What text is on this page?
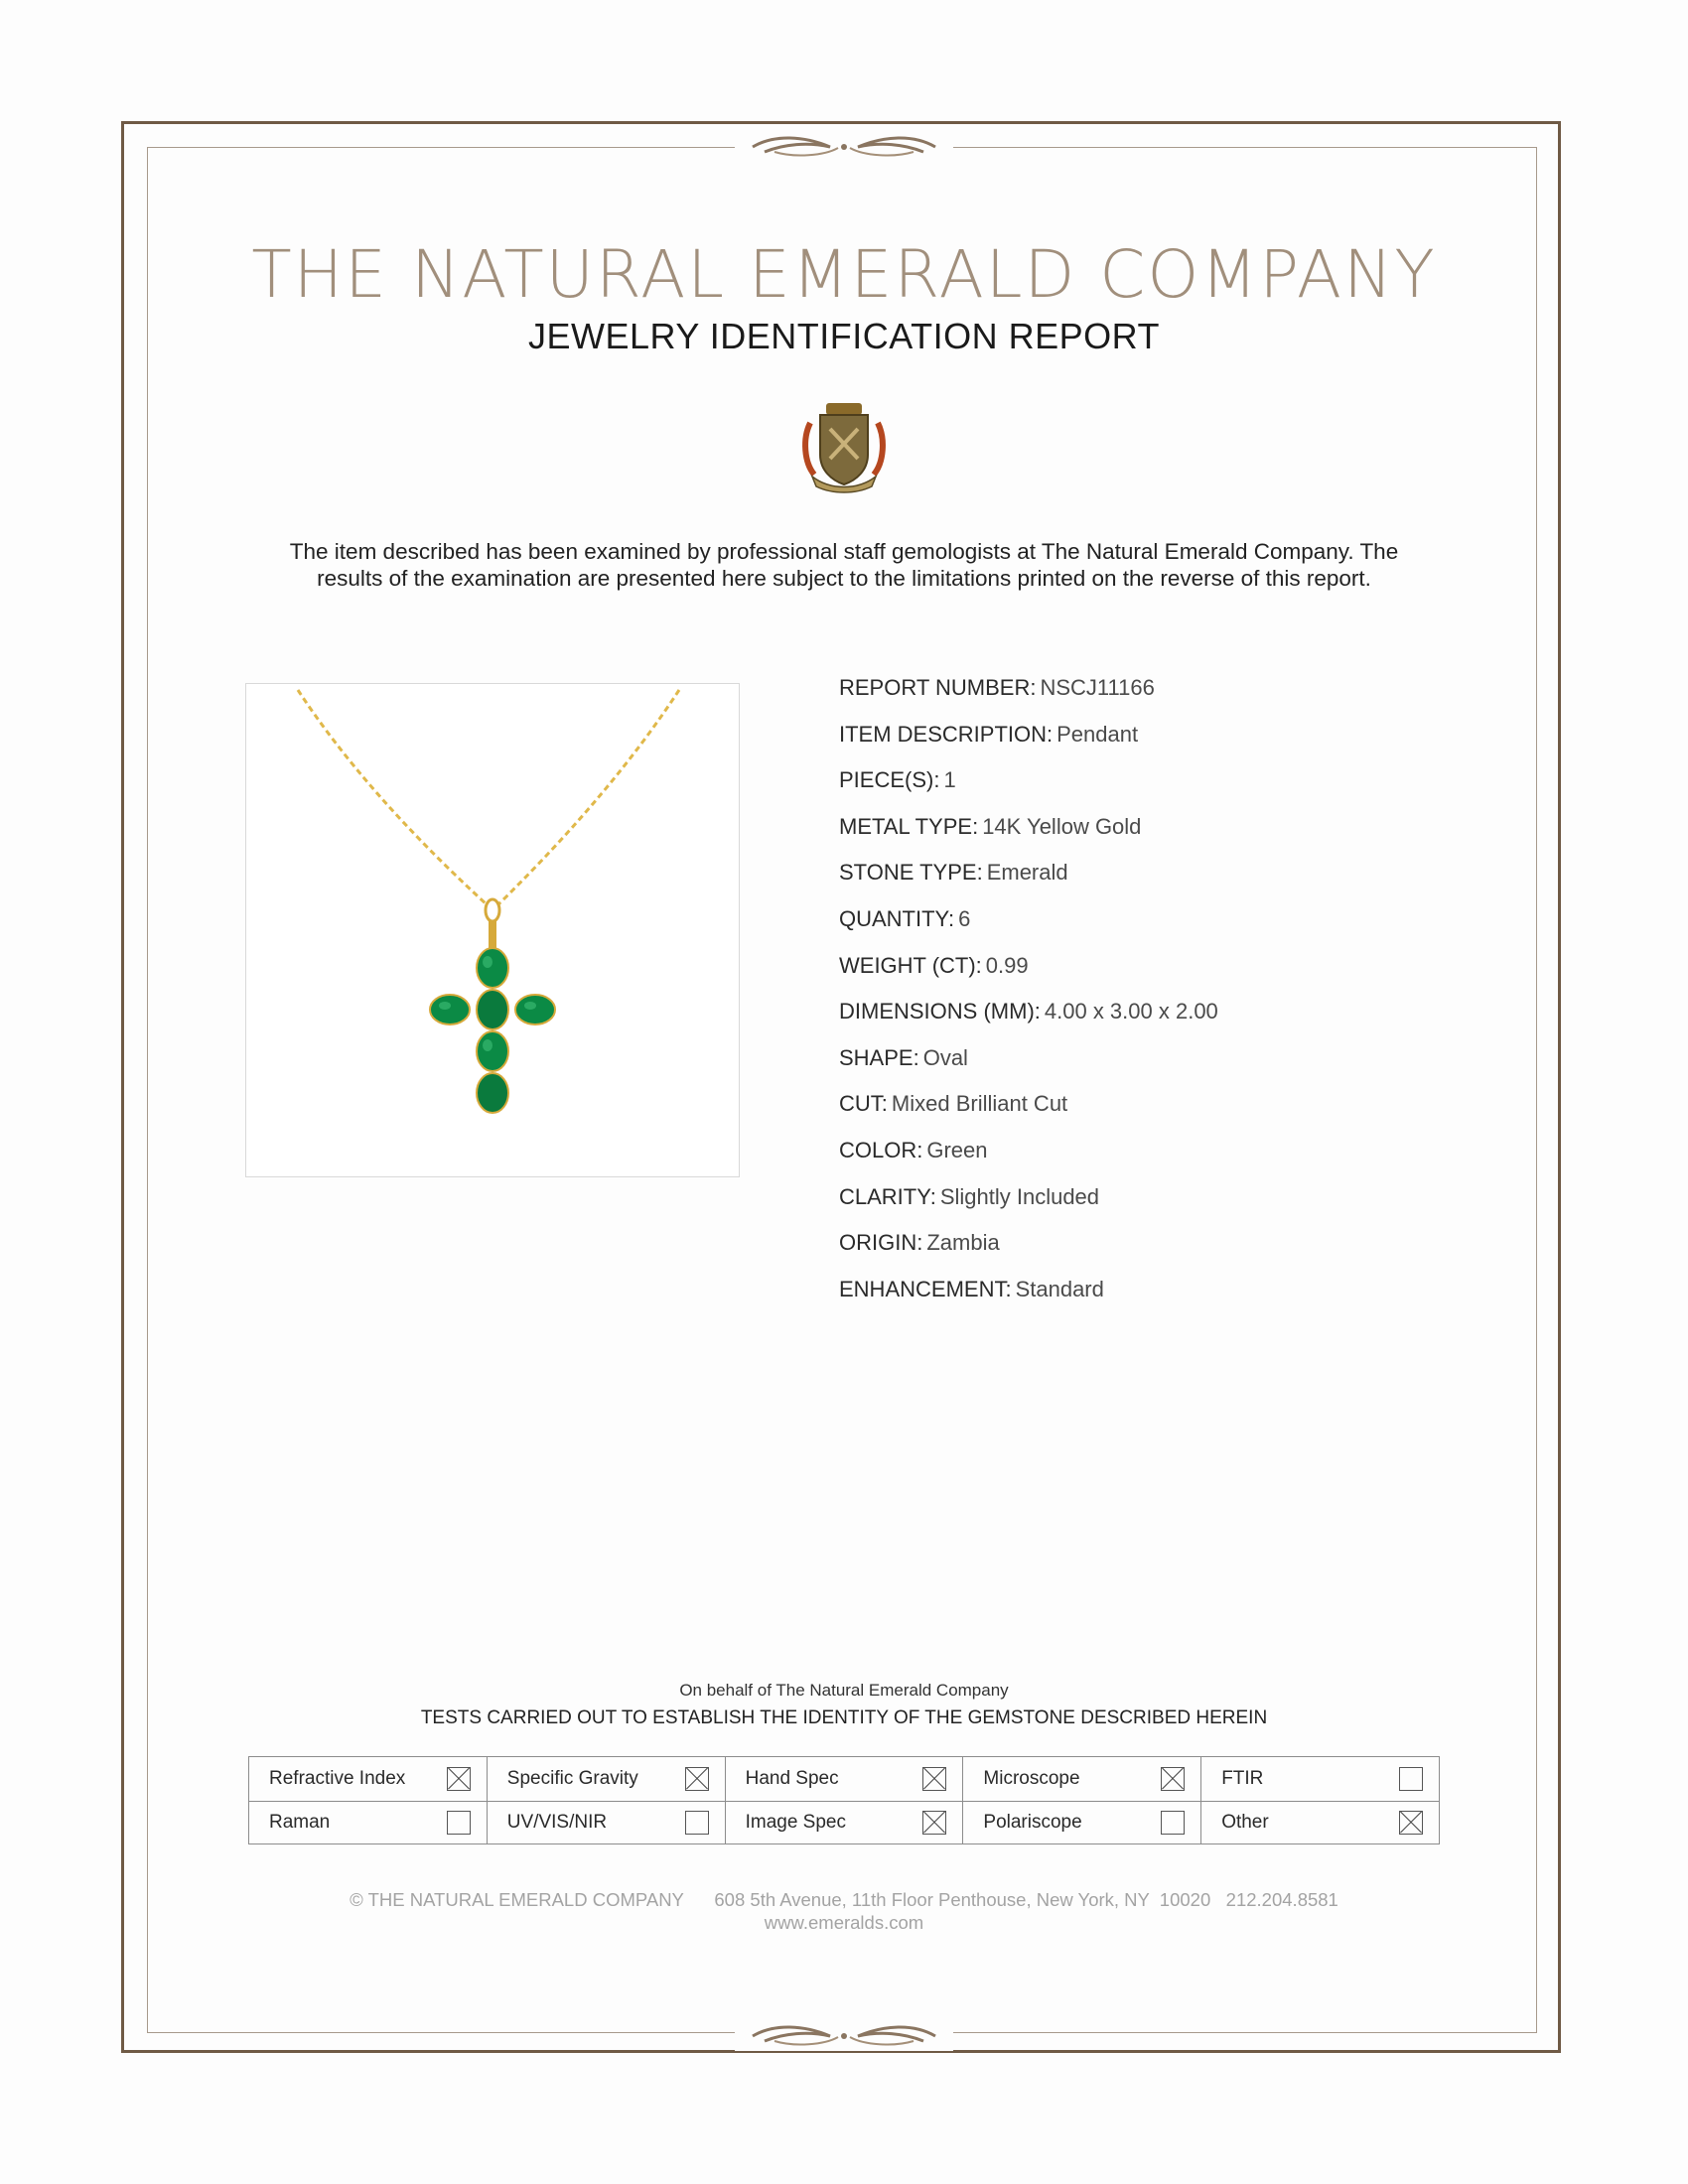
THE NATURAL EMERALD COMPANY
JEWELRY IDENTIFICATION REPORT
The item described has been examined by professional staff gemologists at The Natural Emerald Company. The
results of the examination are presented here subject to the limitations printed on the reverse of this report.
REPORT NUMBER: NSCJ11166
ITEM DESCRIPTION: Pendant
PIECE(S): 1
METAL TYPE: 14K Yellow Gold
STONE TYPE: Emerald
QUANTITY: 6
WEIGHT (CT): 0.99
DIMENSIONS (MM): 4.00 x 3.00 x 2.00
SHAPE: Oval
CUT: Mixed Brilliant Cut
COLOR: Green
CLARITY: Slightly Included
ORIGIN: Zambia
ENHANCEMENT: Standard
On behalf of The Natural Emerald Company
TESTS CARRIED OUT TO ESTABLISH THE IDENTITY OF THE GEMSTONE DESCRIBED HEREIN
Refractive Index	Specific Gravity	Hand Spec	Microscope	FTIR
Raman	UV/VIS/NIR	Image Spec	Polariscope	Other
© THE NATURAL EMERALD COMPANY      608 5th Avenue, 11th Floor Penthouse, New York, NY  10020   212.204.8581
www.emeralds.com
